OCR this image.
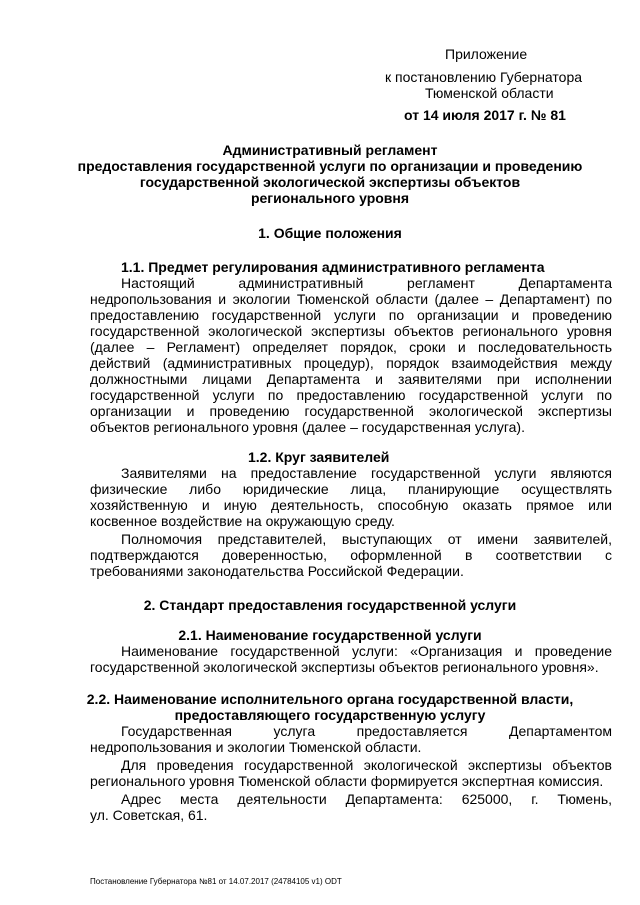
Приложение
к постановлению Губернатора
Тюменской области
от 14 июля 2017 г. № 81
Административный регламент
предоставления государственной услуги по организации и проведению
государственной экологической экспертизы объектов
регионального уровня
1. Общие положения
1.1. Предмет регулирования административного регламента
Настоящий административный регламент Департамента
недропользования и экологии Тюменской области (далее – Департамент) по
предоставлению государственной услуги по организации и проведению
государственной экологической экспертизы объектов регионального уровня
(далее – Регламент) определяет порядок, сроки и последовательность
действий (административных процедур), порядок взаимодействия между
должностными лицами Департамента и заявителями при исполнении
государственной услуги по предоставлению государственной услуги по
организации и проведению государственной экологической экспертизы
объектов регионального уровня (далее – государственная услуга).
1.2. Круг заявителей
Заявителями на предоставление государственной услуги являются
физические либо юридические лица, планирующие осуществлять
хозяйственную и иную деятельность, способную оказать прямое или
косвенное воздействие на окружающую среду.
Полномочия представителей, выступающих от имени заявителей,
подтверждаются доверенностью, оформленной в соответствии с
требованиями законодательства Российской Федерации.
2. Стандарт предоставления государственной услуги
2.1. Наименование государственной услуги
Наименование государственной услуги: «Организация и проведение
государственной экологической экспертизы объектов регионального уровня».
2.2. Наименование исполнительного органа государственной власти,
предоставляющего государственную услугу
Государственная услуга предоставляется Департаментом
недропользования и экологии Тюменской области.
Для проведения государственной экологической экспертизы объектов
регионального уровня Тюменской области формируется экспертная комиссия.
Адрес места деятельности Департамента: 625000, г. Тюмень,
ул. Советская, 61.
Постановление Губернатора №81 от 14.07.2017 (24784105 v1) ODT
